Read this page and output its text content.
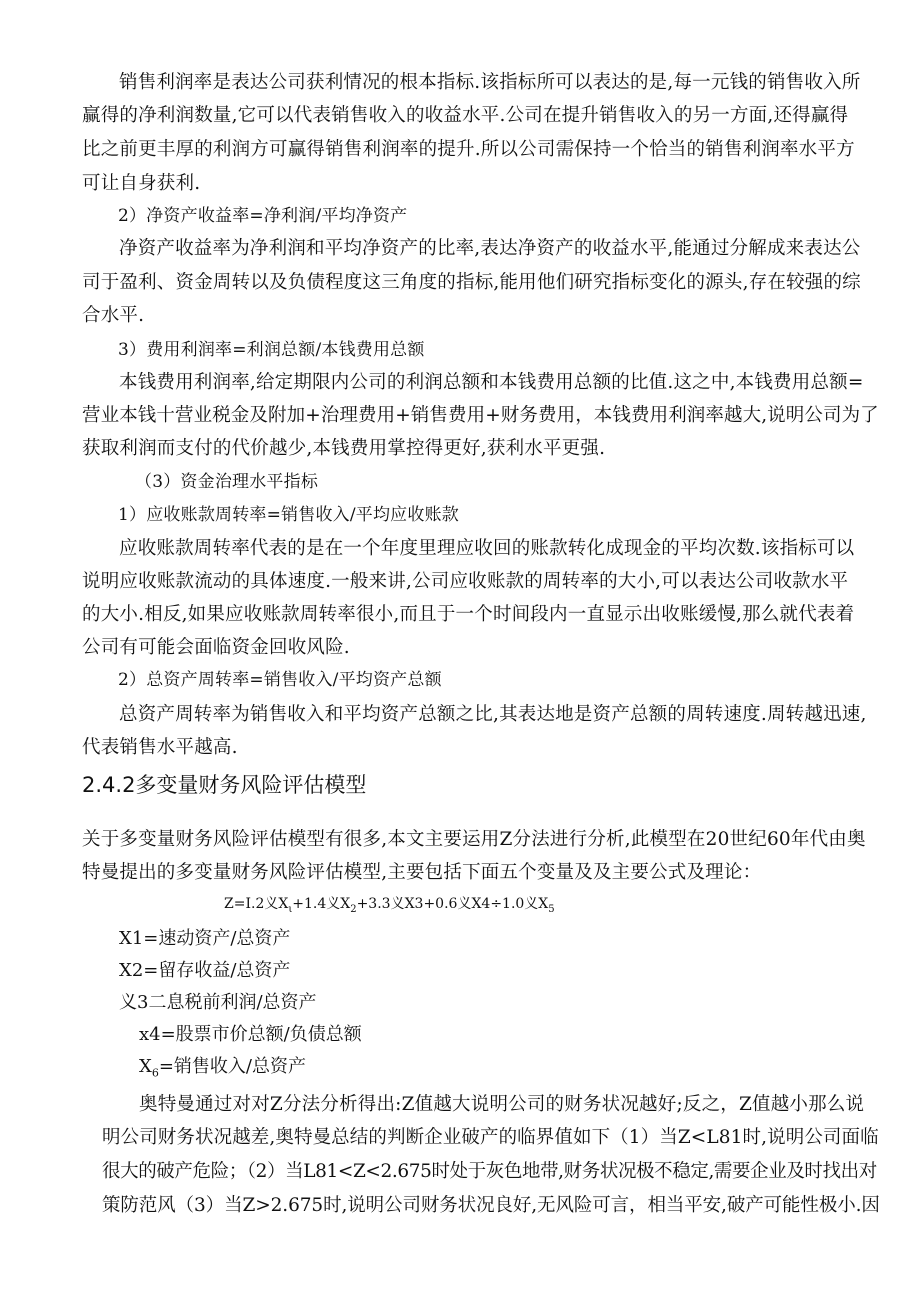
销售利润率是表达公司获利情况的根本指标.该指标所可以表达的是,每一元钱的销售收入所
赢得的净利润数量,它可以代表销售收入的收益水平.公司在提升销售收入的另一方面,还得赢得
比之前更丰厚的利润方可赢得销售利润率的提升.所以公司需保持一个恰当的销售利润率水平方
可让自身获利.
2）净资产收益率=净利润/平均净资产
净资产收益率为净利润和平均净资产的比率,表达净资产的收益水平,能通过分解成来表达公
司于盈利、资金周转以及负债程度这三角度的指标,能用他们研究指标变化的源头,存在较强的综
合水平.
3）费用利润率=利润总额/本钱费用总额
本钱费用利润率,给定期限内公司的利润总额和本钱费用总额的比值.这之中,本钱费用总额=
营业本钱十营业税金及附加+治理费用+销售费用+财务费用，本钱费用利润率越大,说明公司为了
获取利润而支付的代价越少,本钱费用掌控得更好,获利水平更强.
（3）资金治理水平指标
1）应收账款周转率=销售收入/平均应收账款
应收账款周转率代表的是在一个年度里理应收回的账款转化成现金的平均次数.该指标可以
说明应收账款流动的具体速度.一般来讲,公司应收账款的周转率的大小,可以表达公司收款水平
的大小.相反,如果应收账款周转率很小,而且于一个时间段内一直显示出收账缓慢,那么就代表着
公司有可能会面临资金回收风险.
2）总资产周转率=销售收入/平均资产总额
总资产周转率为销售收入和平均资产总额之比,其表达地是资产总额的周转速度.周转越迅速,
代表销售水平越高.
2.4.2多变量财务风险评估模型
关于多变量财务风险评估模型有很多,本文主要运用Z分法进行分析,此模型在20世纪60年代由奥
特曼提出的多变量财务风险评估模型,主要包括下面五个变量及及主要公式及理论：
Z=I.2义$X_\iota+1.4$义$X_2+3.3$义X3+0.6义X4÷1.0义$X_5$
X1=速动资产/总资产
X2=留存收益/总资产
义3二息税前利润/总资产
x4=股票市价总额/负债总额
$X_6=$销售收入/总资产
奥特曼通过对对Z分法分析得出:Z值越大说明公司的财务状况越好;反之，Z值越小那么说
明公司财务状况越差,奥特曼总结的判断企业破产的临界值如下（1）当Z<L81时,说明公司面临
很大的破产危险；（2）当L81<Z<2.675时处于灰色地带,财务状况极不稳定,需要企业及时找出对
策防范风（3）当Z>2.675时,说明公司财务状况良好,无风险可言，相当平安,破产可能性极小.因
